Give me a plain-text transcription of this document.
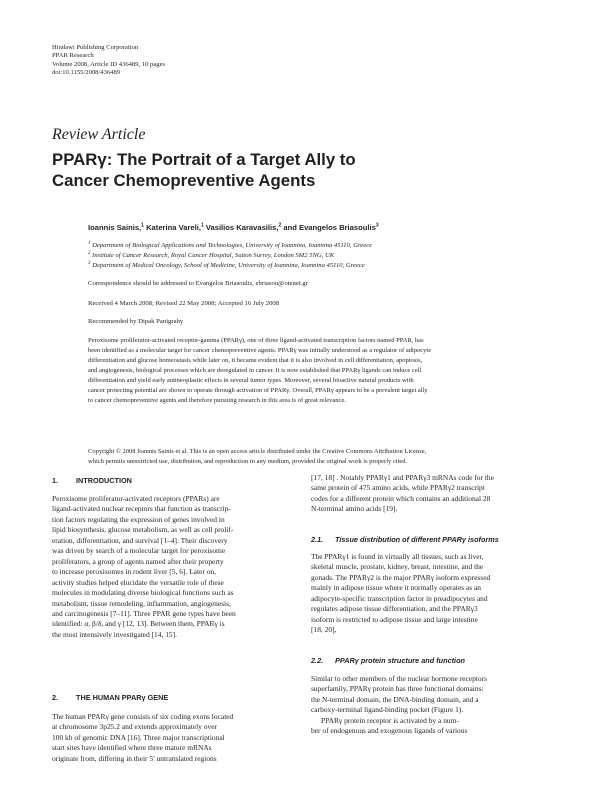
Hindawi Publishing Corporation
PPAR Research
Volume 2008, Article ID 436489, 10 pages
doi:10.1155/2008/436489
Review Article
PPARγ: The Portrait of a Target Ally to
Cancer Chemopreventive Agents
Ioannis Sainis,$^1$ Katerina Vareli,$^1$ Vasilios Karavasilis,$^2$ and Evangelos Briasoulis$^3$
$^1$ Department of Biological Applications and Technologies, University of Ioannina, Ioannina 45110, Greece
$^2$ Institute of Cancer Research, Royal Cancer Hospital, Sutton Surrey, London SM2 5NG, UK
$^3$ Department of Medical Oncology, School of Medicine, University of Ioannina, Ioannina 45110, Greece
Correspondence should be addressed to Evangelos Briasoulis, ebriasou@otenet.gr
Received 4 March 2008; Revised 22 May 2008; Accepted 16 July 2008
Recommended by Dipak Panigrahy
Peroxisome proliferator-activated receptor-gamma (PPARγ), one of three ligand-activated transcription factors named PPAR, has
been identified as a molecular target for cancer chemopreventive agents. PPARγ was initially understood as a regulator of adipocyte
differentiation and glucose homeostasis while later on, it became evident that it is also involved in cell differentiation, apoptosis,
and angiogenesis, biological processes which are deregulated in cancer. It is now established that PPARγ ligands can induce cell
differentiation and yield early antineoplastic effects in several tumor types. Moreover, several bioactive natural products with
cancer protecting potential are shown to operate through activation of PPARγ. Overall, PPARγ appears to be a prevalent target ally
to cancer chemopreventive agents and therefore pursuing research in this area is of great relevance.
Copyright © 2008 Ioannis Sainis et al. This is an open access article distributed under the Creative Commons Attribution License,
which permits unrestricted use, distribution, and reproduction in any medium, provided the original work is properly cited.
1. INTRODUCTION
Peroxisome proliferator-activated receptors (PPARs) are
ligand-activated nuclear receptors that function as transcrip-
tion factors regulating the expression of genes involved in
lipid biosynthesis, glucose metabolism, as well as cell prolif-
eration, differentiation, and survival [1–4]. Their discovery
was driven by search of a molecular target for peroxisome
proliferators, a group of agents named after their property
to increase peroxisomes in rodent liver [5, 6]. Later on,
activity studies helped elucidate the versatile role of these
molecules in modulating diverse biological functions such as
metabolism, tissue remodeling, inflammation, angiogenesis,
and carcinogenesis [7–11]. Three PPAR gene types have been
identified: α, β/δ, and γ [12, 13]. Between them, PPARγ is
the most intensively investigated [14, 15].
2. THE HUMAN PPARγ GENE
The human PPARγ gene consists of six coding exons located
at chromosome 3p25.2 and extends approximately over
100 kb of genomic DNA [16]. Three major transcriptional
start sites have identified where three mature mRNAs
originate from, differing in their 5′ untranslated regions
[17, 18] . Notably PPARγ1 and PPARγ3 mRNAs code for the
same protein of 475 amino acids, while PPARγ2 transcript
codes for a different protein which contains an additional 28
N-terminal amino acids [19].
2.1. Tissue distribution of different PPARγ isoforms
The PPARγ1 is found in virtually all tissues, such as liver,
skeletal muscle, prostate, kidney, breast, intestine, and the
gonads. The PPARγ2 is the major PPARγ isoform expressed
mainly in adipose tissue where it normally operates as an
adipocyte-specific transcription factor in preadipocytes and
regulates adipose tissue differentiation, and the PPARγ3
isoform is restricted to adipose tissue and large intestine
[18, 20],
2.2. PPARγ protein structure and function
Similar to other members of the nuclear hormone receptors
superfamily, PPARγ protein has three functional domains:
the N-terminal domain, the DNA-binding domain, and a
carboxy-terminal ligand-binding pocket (Figure 1).
PPARγ protein receptor is activated by a num-
ber of endogenous and exogenous ligands of various
